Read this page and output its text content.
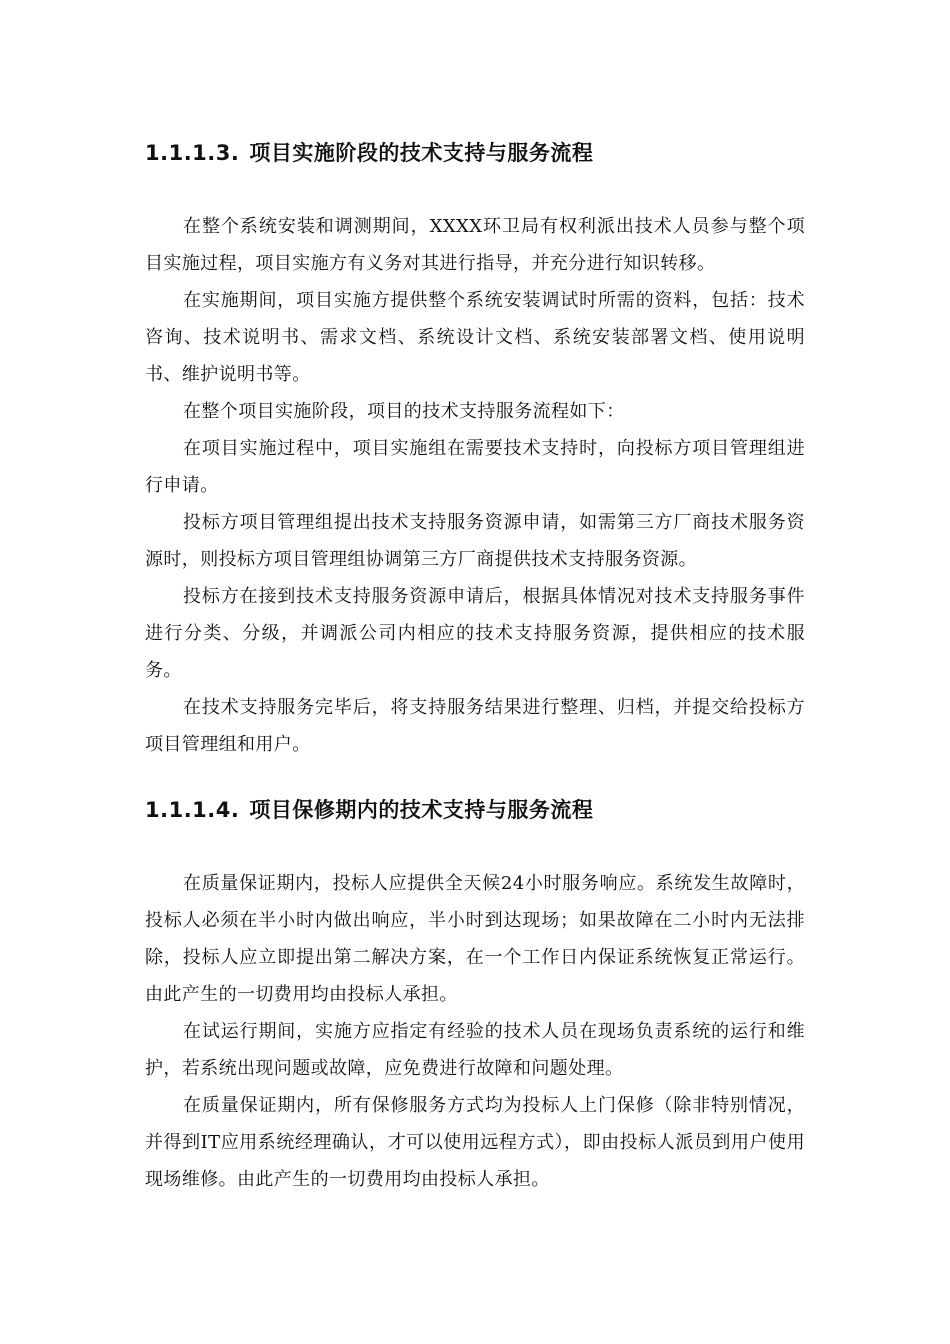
1.1.1.3. 项目实施阶段的技术支持与服务流程

在整个系统安装和调测期间，XXXX环卫局有权利派出技术人员参与整个项目实施过程，项目实施方有义务对其进行指导，并充分进行知识转移。

在实施期间，项目实施方提供整个系统安装调试时所需的资料，包括：技术咨询、技术说明书、需求文档、系统设计文档、系统安装部署文档、使用说明书、维护说明书等。

在整个项目实施阶段，项目的技术支持服务流程如下：

在项目实施过程中，项目实施组在需要技术支持时，向投标方项目管理组进行申请。

投标方项目管理组提出技术支持服务资源申请，如需第三方厂商技术服务资源时，则投标方项目管理组协调第三方厂商提供技术支持服务资源。

投标方在接到技术支持服务资源申请后，根据具体情况对技术支持服务事件进行分类、分级，并调派公司内相应的技术支持服务资源，提供相应的技术服务。

在技术支持服务完毕后，将支持服务结果进行整理、归档，并提交给投标方项目管理组和用户。

1.1.1.4. 项目保修期内的技术支持与服务流程

在质量保证期内，投标人应提供全天候24小时服务响应。系统发生故障时，投标人必须在半小时内做出响应，半小时到达现场；如果故障在二小时内无法排除，投标人应立即提出第二解决方案，在一个工作日内保证系统恢复正常运行。由此产生的一切费用均由投标人承担。

在试运行期间，实施方应指定有经验的技术人员在现场负责系统的运行和维护，若系统出现问题或故障，应免费进行故障和问题处理。

在质量保证期内，所有保修服务方式均为投标人上门保修（除非特别情况，并得到IT应用系统经理确认，才可以使用远程方式），即由投标人派员到用户使用现场维修。由此产生的一切费用均由投标人承担。
